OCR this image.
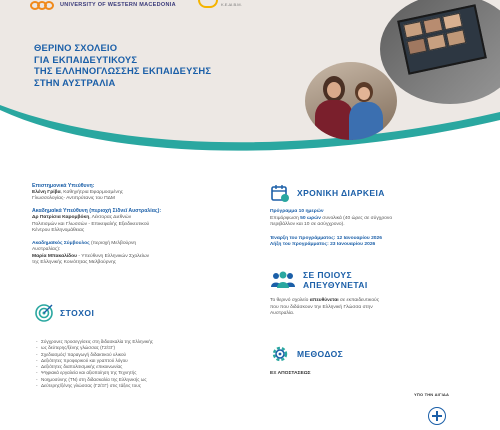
UNIVERSITY OF WESTERN MACEDONIA	Κ.Ε.ΔΙ.Β.Μ.
ΘΕΡΙΝΟ ΣΧΟΛΕΙΟ
ΓΙΑ ΕΚΠΑΙΔΕΥΤΙΚΟΥΣ
ΤΗΣ ΕΛΛΗΝΟΓΛΩΣΣΗΣ ΕΚΠΑΙΔΕΥΣΗΣ
ΣΤΗΝ ΑΥΣΤΡΑΛΙΑ
Επιστημονικά Υπεύθυνη:
Ελένη Γρίβα, Καθηγήτρια Εφαρμοσμένης
Γλωσσολογίας- Αντιπρύτανις του ΠΔΜ
Ακαδημαϊκά Υπεύθυνη (περιοχή Σίδνεϊ Αυστραλίας):
Δρ Πατρίσια Καρομβόκη, Λέκτορας Διεθνών
Πολιτισμών και Γλωσσών - Επικεφαλής Εξειδικευτικού
Κέντρου Ελληνομάθειας
Ακαδημαϊκός Σύμβουλος (περιοχή Μελβούρνη
Αυστραλίας):
Μαρία Μπακαλίδου - Υπεύθυνη Ελληνικών Σχολείων
της Ελληνικής Κοινότητας Μελβούρνης
ΣΤΟΧΟΙ
- Σύγχρονες προσεγγίσεις στη διδασκαλία της Ελληνικής
- ως δεύτερης/ξένης γλώσσας (Γ2/ΞΓ)
- Σχεδιασμός/ παραγωγή διδακτικού υλικού
- Δεξιότητες προφορικού και γραπτού λόγου
- Δεξιότητες διαπολιτισμικής επικοινωνίας
- Ψηφιακά εργαλεία και αξιοποίηση της Τεχνητής
- Νοημοσύνης (ΤΝ) στη διδασκαλία της Ελληνικής ως
- Δεύτερης/ξένης γλώσσας (Γ2/ΞΓ) στις τάξεις τους
ΧΡΟΝΙΚΗ ΔΙΑΡΚΕΙΑ
Πρόγραμμα 10 ημερών
Επιμόρφωση 50 ωρών συνολικά (40 ώρες σε σύγχρονο
περιβάλλον και 10 σε ασύγχρονο).
Έναρξη του προγράμματος: 12 Ιανουαρίου 2026
Λήξη του προγράμματος: 23 Ιανουαρίου 2026
ΣΕ ΠΟΙΟΥΣ
ΑΠΕΥΘΥΝΕΤΑΙ
Το θερινό σχολείο απευθύνεται σε εκπαιδευτικούς
που που διδάσκουν την Ελληνική Γλώσσα στην
Αυστραλία.
ΜΕΘΟΔΟΣ
ΕΞ ΑΠΟΣΤΑΣΕΩΣ
ΥΠΟ ΤΗΝ ΑΙΓΙΔΑ
